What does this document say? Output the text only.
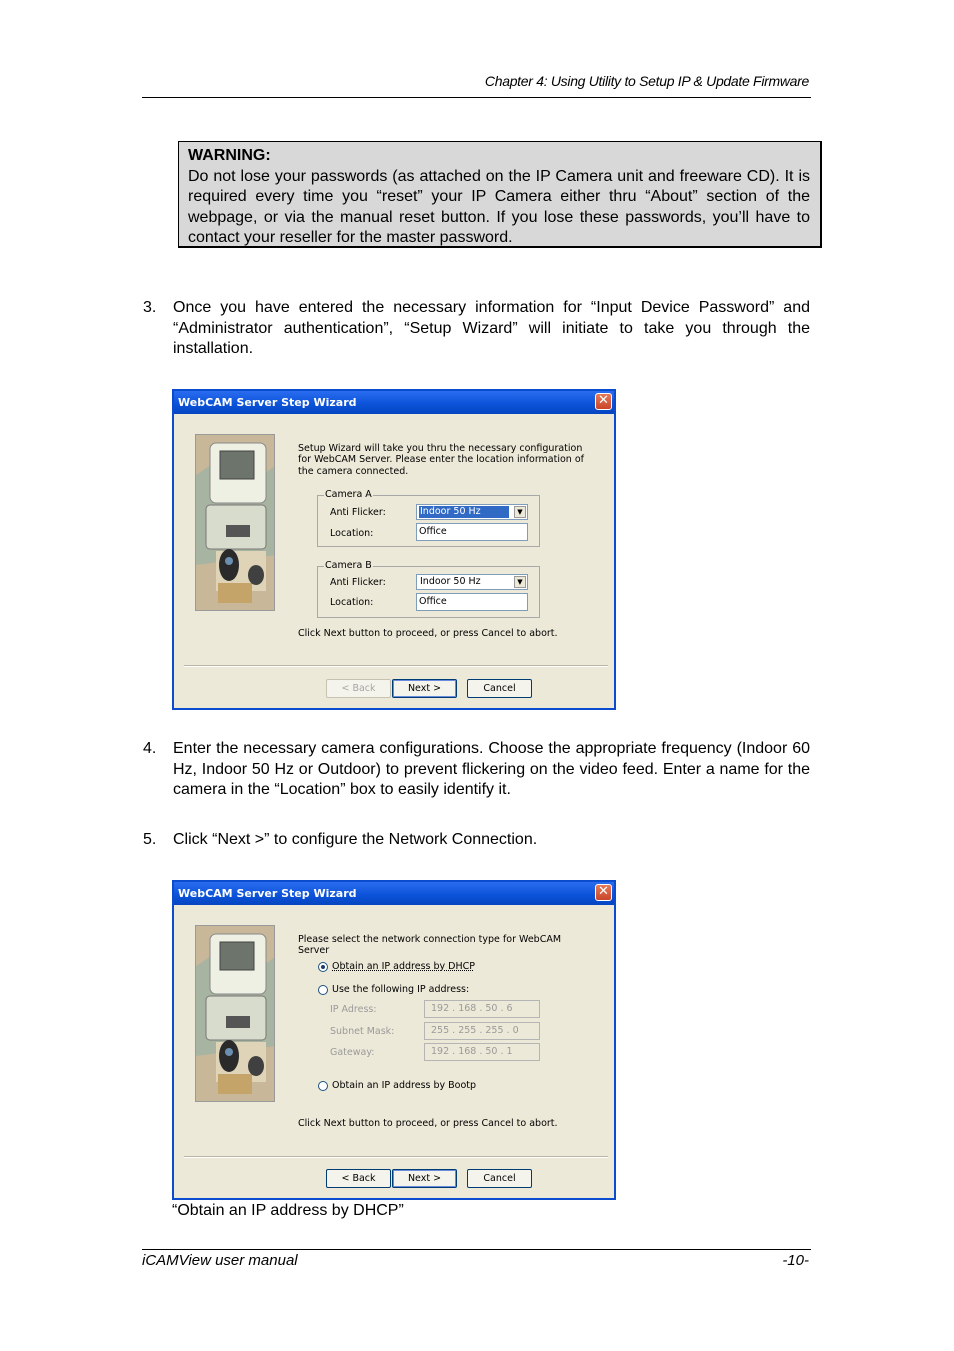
Chapter 4: Using Utility to Setup IP & Update Firmware
WARNING:
Do not lose your passwords (as attached on the IP Camera unit and freeware CD). It is required every time you “reset” your IP Camera either thru “About” section of the webpage, or via the manual reset button. If you lose these passwords, you’ll have to contact your reseller for the master password.
3. Once you have entered the necessary information for “Input Device Password” and “Administrator authentication”, “Setup Wizard” will initiate to take you through the installation.
WebCAM Server Step Wizard	✕
Setup Wizard will take you thru the necessary configuration
for WebCAM Server. Please enter the location information of
the camera connected.
Camera A
Anti Flicker:	Indoor 50 Hz	▼
Location:	Office
Camera B
Anti Flicker:	Indoor 50 Hz	▼
Location:	Office
Click Next button to proceed, or press Cancel to abort.
< Back	Next >	Cancel
4. Enter the necessary camera configurations. Choose the appropriate frequency (Indoor 60 Hz, Indoor 50 Hz or Outdoor) to prevent flickering on the video feed. Enter a name for the camera in the “Location” box to easily identify it.
5. Click “Next >” to configure the Network Connection.
WebCAM Server Step Wizard	✕
Please select the network connection type for WebCAM
Server
Obtain an IP address by DHCP
Use the following IP address:
IP Adress:	192 . 168 . 50 . 6
Subnet Mask:	255 . 255 . 255 . 0
Gateway:	192 . 168 . 50 . 1
Obtain an IP address by Bootp
Click Next button to proceed, or press Cancel to abort.
< Back	Next >	Cancel
“Obtain an IP address by DHCP”
iCAMView user manual	-10-
